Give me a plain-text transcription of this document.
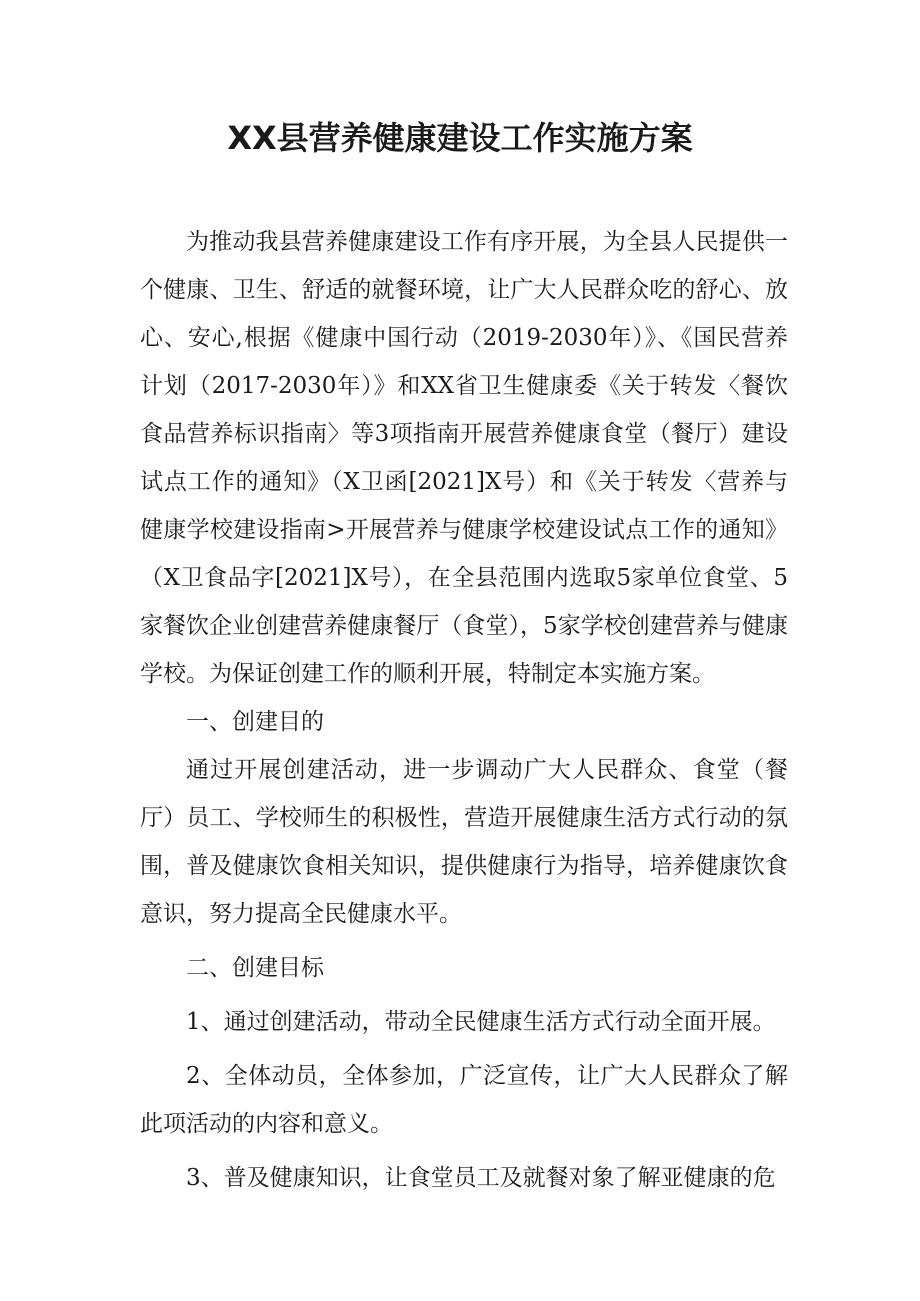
XX县营养健康建设工作实施方案

为推动我县营养健康建设工作有序开展，为全县人民提供一个健康、卫生、舒适的就餐环境，让广大人民群众吃的舒心、放心、安心,根据《健康中国行动（2019-2030年）》、《国民营养计划（2017-2030年）》和XX省卫生健康委《关于转发〈餐饮食品营养标识指南〉等3项指南开展营养健康食堂（餐厅）建设试点工作的通知》（X卫函[2021]X号）和《关于转发〈营养与健康学校建设指南>开展营养与健康学校建设试点工作的通知》（X卫食品字[2021]X号），在全县范围内选取5家单位食堂、5家餐饮企业创建营养健康餐厅（食堂），5家学校创建营养与健康学校。为保证创建工作的顺利开展，特制定本实施方案。

一、创建目的

通过开展创建活动，进一步调动广大人民群众、食堂（餐厅）员工、学校师生的积极性，营造开展健康生活方式行动的氛围，普及健康饮食相关知识，提供健康行为指导，培养健康饮食意识，努力提高全民健康水平。

二、创建目标

1、通过创建活动，带动全民健康生活方式行动全面开展。

2、全体动员，全体参加，广泛宣传，让广大人民群众了解此项活动的内容和意义。

3、普及健康知识，让食堂员工及就餐对象了解亚健康的危
